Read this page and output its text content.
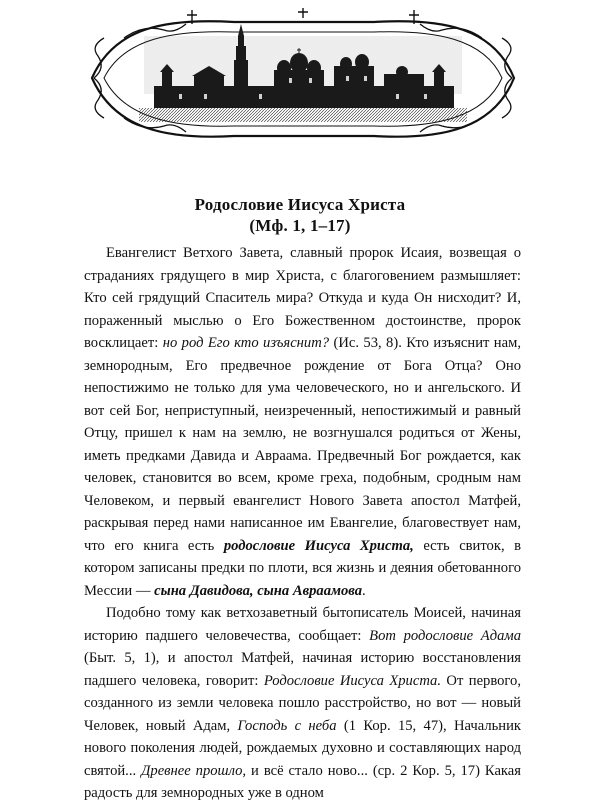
Родословие Иисуса Христа
(Мф. 1, 1–17)

Евангелист Ветхого Завета, славный пророк Исаия, возвещая о страданиях грядущего в мир Христа, с благоговением размышляет: Кто сей грядущий Спаситель мира? Откуда и куда Он нисходит? И, пораженный мыслью о Его Божественном достоинстве, пророк восклицает: но род Его кто изъяснит? (Ис. 53, 8). Кто изъяснит нам, земнородным, Его предвечное рождение от Бога Отца? Оно непостижимо не только для ума человеческого, но и ангельского. И вот сей Бог, неприступный, неизреченный, непостижимый и равный Отцу, пришел к нам на землю, не возгнушался родиться от Жены, иметь предками Давида и Авраама. Предвечный Бог рождается, как человек, становится во всем, кроме греха, подобным, сродным нам Человеком, и первый евангелист Нового Завета апостол Матфей, раскрывая перед нами написанное им Евангелие, благовествует нам, что его книга есть родословие Иисуса Христа, есть свиток, в котором записаны предки по плоти, вся жизнь и деяния обетованного Мессии — сына Давидова, сына Авраамова.

Подобно тому как ветхозаветный бытописатель Моисей, начиная историю падшего человечества, сообщает: Вот родословие Адама (Быт. 5, 1), и апостол Матфей, начиная историю восстановления падшего человека, говорит: Родословие Иисуса Христа. От первого, созданного из земли человека пошло расстройство, но вот — новый Человек, новый Адам, Господь с неба (1 Кор. 15, 47), Начальник нового поколения людей, рождаемых духовно и составляющих народ святой... Древнее прошло, и всё стало ново... (ср. 2 Кор. 5, 17) Какая радость для земнородных уже в одном
